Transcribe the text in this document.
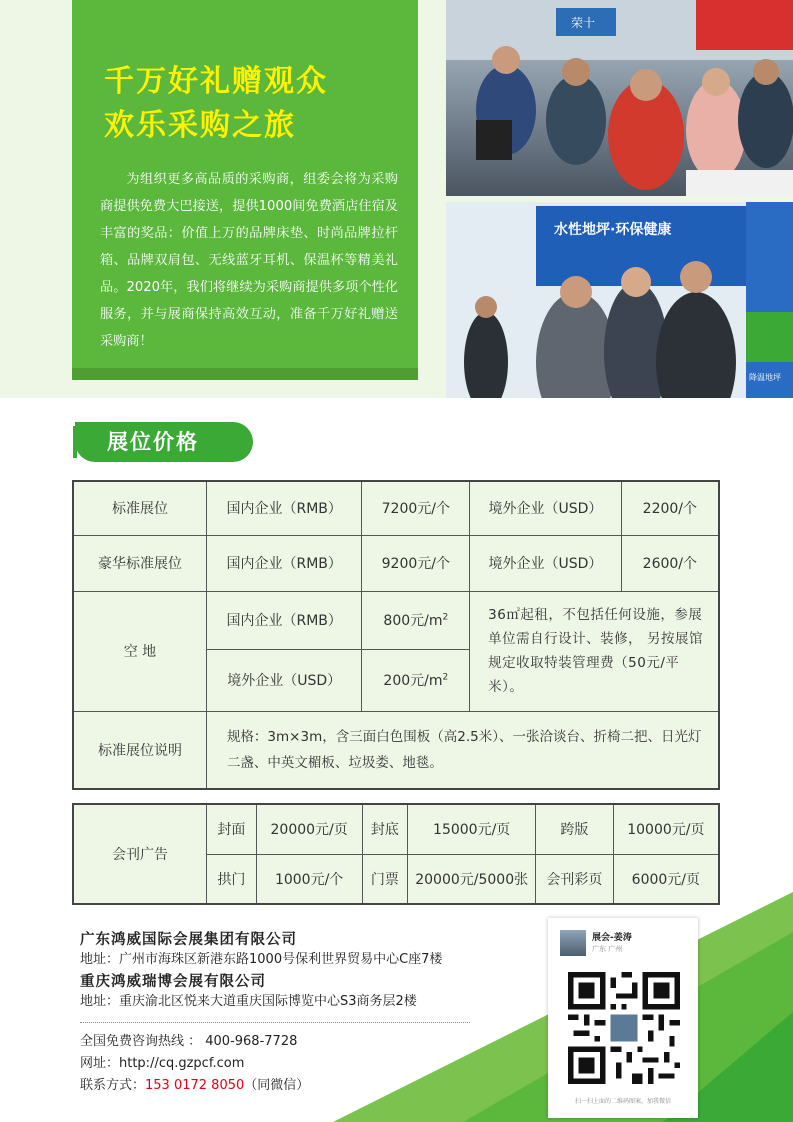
千万好礼赠观众
欢乐采购之旅

为组织更多高品质的采购商，组委会将为采购商提供免费大巴接送，提供1000间免费酒店住宿及丰富的奖品：价值上万的品牌床垫、时尚品牌拉杆箱、品牌双肩包、无线蓝牙耳机、保温杯等精美礼品。2020年，我们将继续为采购商提供多项个性化服务，并与展商保持高效互动，准备千万好礼赠送采购商！

荣十
水性地坪·环保健康
降温地坪
展位价格
标准展位	国内企业（RMB）	7200元/个	境外企业（USD）	2200/个
豪华标准展位	国内企业（RMB）	9200元/个	境外企业（USD）	2600/个
空 地	国内企业（RMB）	800元$/m^2$	36㎡起租，不包括任何设施，参展单位需自行设计、装修， 另按展馆规定收取特装管理费（50元/平米）。	
	境外企业（USD）	200元$/m^2$
标准展位说明	规格：3m×3m，含三面白色围板（高2.5米）、一张洽谈台、折椅二把、日光灯二盏、中英文楣板、垃圾娄、地毯。			
会刊广告	封面	20000元/页	封底	15000元/页	跨版	10000元/页
	拱门	1000元/个	门票	20000元/5000张	会刊彩页	6000元/页
广东鸿威国际会展集团有限公司
地址：广州市海珠区新港东路1000号保利世界贸易中心C座7楼
重庆鸿威瑞博会展有限公司
地址：重庆渝北区悦来大道重庆国际博览中心S3商务层2楼
全国免费咨询热线 ： 400-968-7728
网址：http://cq.gzpcf.com
联系方式：153 0172 8050（同微信）
展会-姜涛
广东 广州
扫一扫上面的二维码图案，加我微信
